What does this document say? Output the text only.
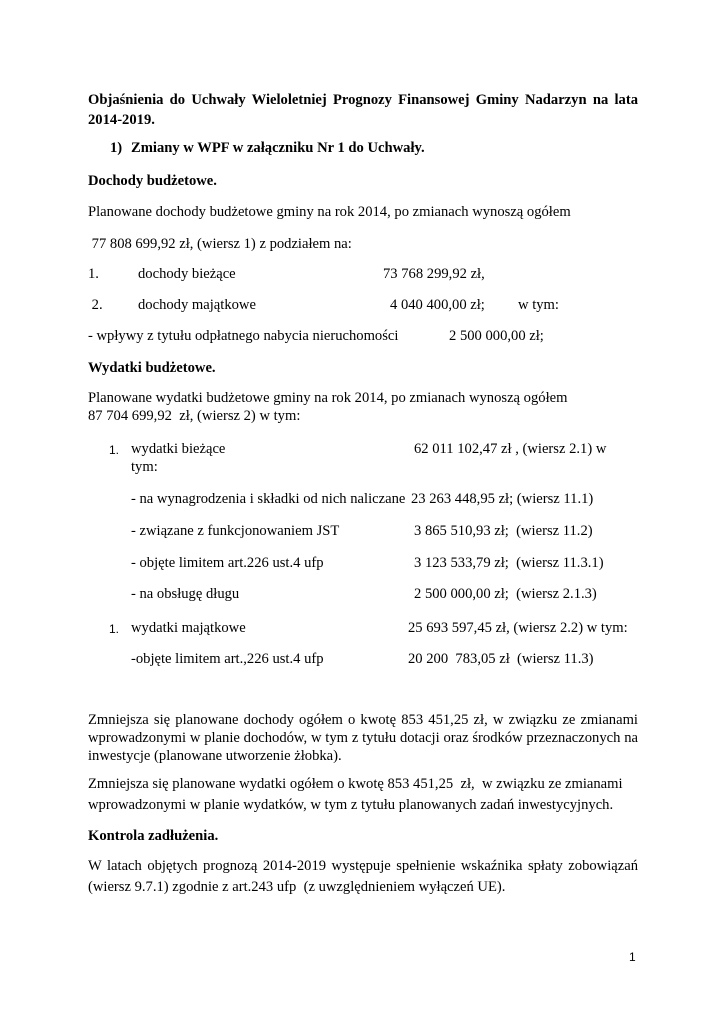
Objaśnienia do Uchwały Wieloletniej Prognozy Finansowej Gminy Nadarzyn na lata 2014-2019.
1) Zmiany w WPF w załączniku Nr 1 do Uchwały.
Dochody budżetowe.
Planowane dochody budżetowe gminy na rok 2014, po zmianach wynoszą ogółem
77 808 699,92 zł, (wiersz 1) z podziałem na:
1.	dochody bieżące	73 768 299,92 zł,
2. dochody majątkowe	4 040 400,00 zł; w tym:
- wpływy z tytułu odpłatnego nabycia nieruchomości	2 500 000,00 zł;
Wydatki budżetowe.
Planowane wydatki budżetowe gminy na rok 2014, po zmianach wynoszą ogółem
87 704 699,92  zł, (wiersz 2) w tym:
1. wydatki bieżące	62 011 102,47 zł , (wiersz 2.1) w
tym:
- na wynagrodzenia i składki od nich naliczane 23 263 448,95 zł; (wiersz 11.1)
- związane z funkcjonowaniem JST	3 865 510,93 zł;  (wiersz 11.2)
- objęte limitem art.226 ust.4 ufp	3 123 533,79 zł;  (wiersz 11.3.1)
- na obsługę długu	2 500 000,00 zł;  (wiersz 2.1.3)
1. wydatki majątkowe	25 693 597,45 zł, (wiersz 2.2) w tym:
-objęte limitem art.,226 ust.4 ufp	20 200  783,05 zł  (wiersz 11.3)
Zmniejsza się planowane dochody ogółem o kwotę 853 451,25 zł, w związku ze zmianami wprowadzonymi w planie dochodów, w tym z tytułu dotacji oraz środków przeznaczonych na inwestycje (planowane utworzenie żłobka).
Zmniejsza się planowane wydatki ogółem o kwotę 853 451,25  zł,  w związku ze zmianami
wprowadzonymi w planie wydatków, w tym z tytułu planowanych zadań inwestycyjnych.
Kontrola zadłużenia.
W latach objętych prognozą 2014-2019 występuje spełnienie wskaźnika spłaty zobowiązań
(wiersz 9.7.1) zgodnie z art.243 ufp  (z uwzględnieniem wyłączeń UE).
1
